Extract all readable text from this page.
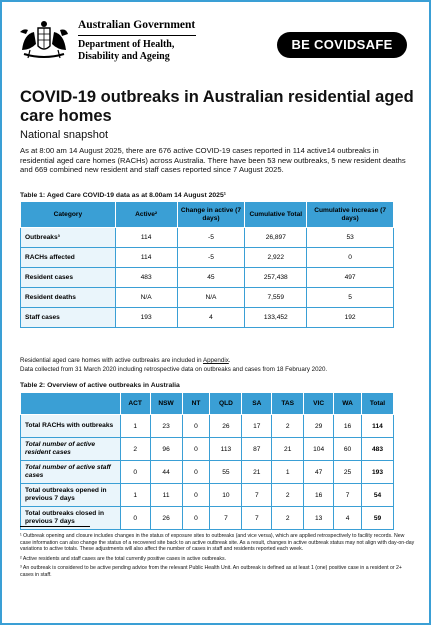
Australian Government
Department of Health,
Disability and Ageing
BE COVIDSAFE
COVID-19 outbreaks in Australian residential aged care homes
National snapshot

As at 8:00 am 14 August 2025, there are 676 active COVID-19 cases reported in 114 active14 outbreaks in residential aged care homes (RACHs) across Australia. There have been 53 new outbreaks, 5 new resident deaths and 669 combined new resident and staff cases reported since 7 August 2025.

Table 1: Aged Care COVID-19 data as at 8.00am 14 August 2025¹
Category	Active²	Change in active (7 days)	Cumulative Total	Cumulative increase (7 days)
Outbreaks³	114	-5	26,897	53
RACHs affected	114	-5	2,922	0
Resident cases	483	45	257,438	497
Resident deaths	N/A	N/A	7,559	5
Staff cases	193	4	133,452	192
Residential aged care homes with active outbreaks are included in Appendix.
Data collected from 31 March 2020 including retrospective data on outbreaks and cases from 18 February 2020.
Table 2: Overview of active outbreaks in Australia
	ACT	NSW	NT	QLD	SA	TAS	VIC	WA	Total
Total RACHs with outbreaks	1	23	0	26	17	2	29	16	114
Total number of active resident cases	2	96	0	113	87	21	104	60	483
Total number of active staff cases	0	44	0	55	21	1	47	25	193
Total outbreaks opened in previous 7 days	1	11	0	10	7	2	16	7	54
Total outbreaks closed in previous 7 days	0	26	0	7	7	2	13	4	59

¹ Outbreak opening and closure includes changes in the status of exposure sites to outbreaks (and vice versa), which are applied retrospectively to facility records. New case information can also change the status of a recovered site back to an active outbreak site. As a result, changes in active outbreak status may not align with day-on-day variations to active totals. These adjustments will also affect the number of cases in staff and residents reported each week.

² Active residents and staff cases are the total currently positive cases in active outbreaks.

³ An outbreak is considered to be active pending advice from the relevant Public Health Unit. An outbreak is defined as at least 1 (one) positive case in a resident or 2+ cases in staff.
